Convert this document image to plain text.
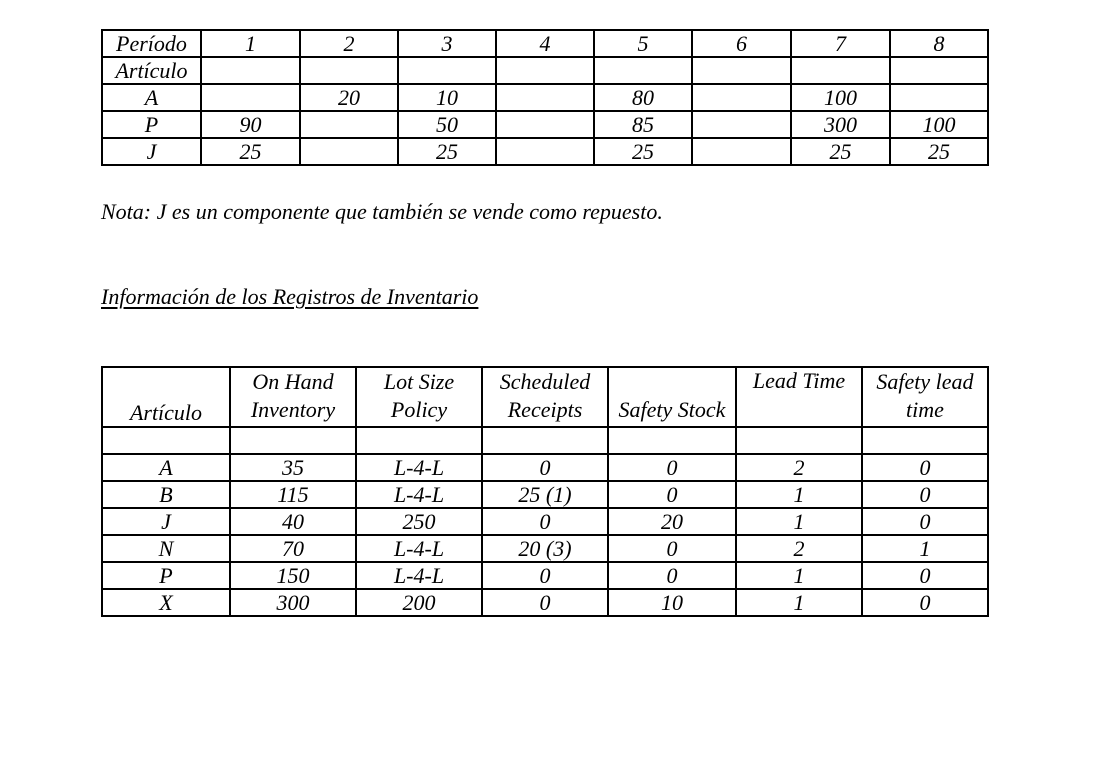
Período	1	2	3	4	5	6	7	8
Artículo								
A		20	10		80		100	
P	90		50		85		300	100
J	25		25		25		25	25
Nota: J es un componente que también se vende como repuesto.
Información de los Registros de Inventario
Artículo	On Hand Inventory	Lot Size Policy	Scheduled Receipts	Safety Stock	Lead Time	Safety lead time

A	35	L-4-L	0	0	2	0
B	115	L-4-L	25 (1)	0	1	0
J	40	250	0	20	1	0
N	70	L-4-L	20 (3)	0	2	1
P	150	L-4-L	0	0	1	0
X	300	200	0	10	1	0
